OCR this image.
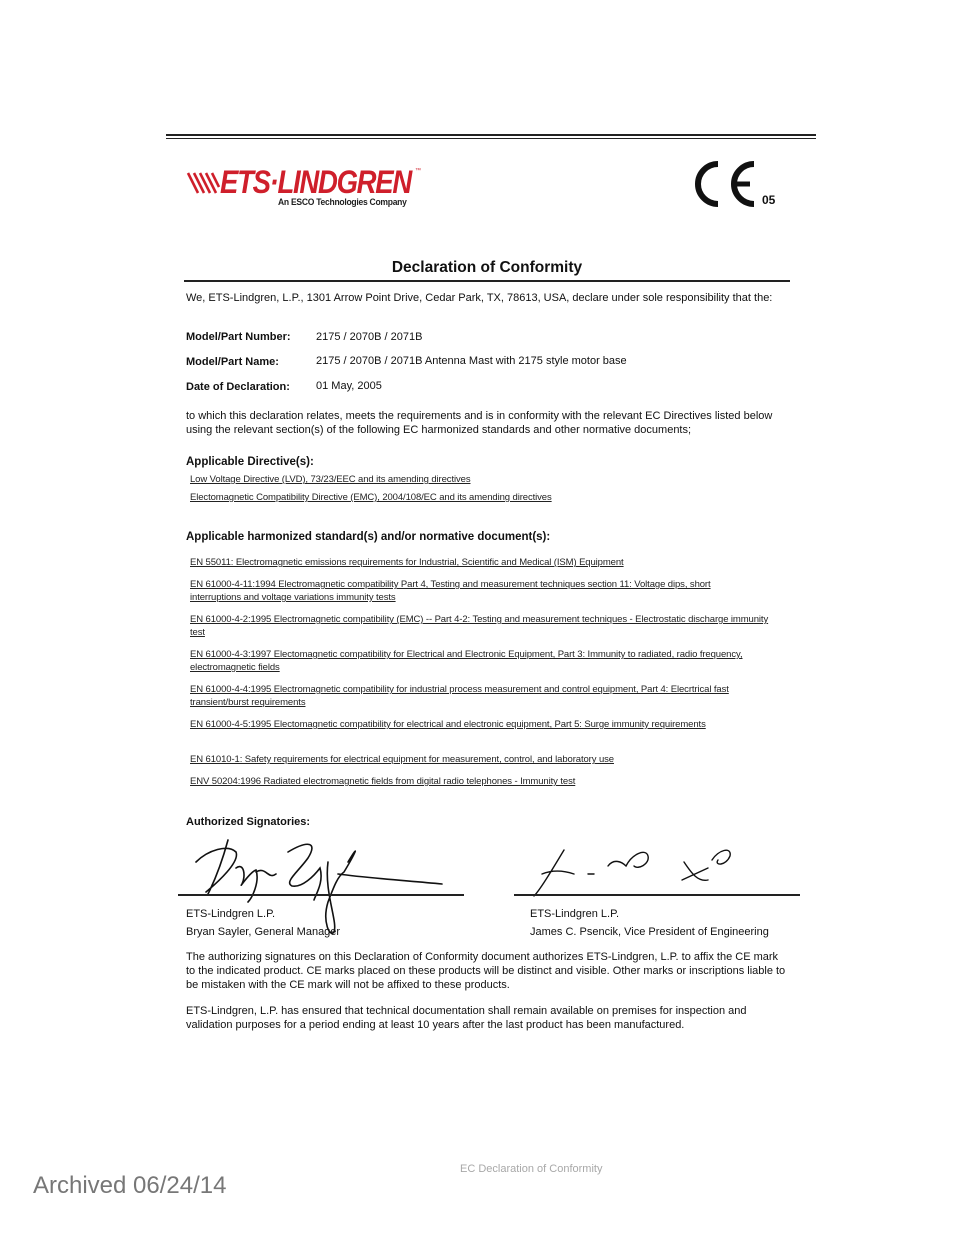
ETS·LINDGREN ™
An ESCO Technologies Company	05
Declaration of Conformity
We, ETS-Lindgren, L.P., 1301 Arrow Point Drive, Cedar Park, TX, 78613, USA, declare under sole responsibility that the:
Model/Part Number: 2175 / 2070B / 2071B
Model/Part Name:	2175 / 2070B / 2071B Antenna Mast with 2175 style motor base
Date of Declaration: 01 May, 2005
to which this declaration relates, meets the requirements and is in conformity with the relevant EC Directives listed below using the relevant section(s) of the following EC harmonized standards and other normative documents;
Applicable Directive(s):
Low Voltage Directive (LVD), 73/23/EEC and its amending directives
Electomagnetic Compatibility Directive (EMC), 2004/108/EC and its amending directives
Applicable harmonized standard(s) and/or normative document(s):
EN 55011: Electromagnetic emissions requirements for Industrial, Scientific and Medical (ISM) Equipment
EN 61000-4-11:1994 Electromagnetic compatibility Part 4, Testing and measurement techniques section 11: Voltage dips, short interruptions and voltage variations immunity tests
EN 61000-4-2:1995 Electromagnetic compatibility (EMC) -- Part 4-2: Testing and measurement techniques - Electrostatic discharge immunity test
EN 61000-4-3:1997 Electomagnetic compatibility for Electrical and Electronic Equipment, Part 3: Immunity to radiated, radio frequency, electromagnetic fields
EN 61000-4-4:1995 Electromagnetic compatibility for industrial process measurement and control equipment, Part 4: Elecrtrical fast transient/burst requirements
EN 61000-4-5:1995 Electomagnetic compatibility for electrical and electronic equipment, Part 5: Surge immunity requirements
EN 61010-1: Safety requirements for electrical equipment for measurement, control, and laboratory use
ENV 50204:1996 Radiated electromagnetic fields from digital radio telephones - Immunity test
Authorized Signatories:
ETS-Lindgren L.P.
Bryan Sayler, General Manager
ETS-Lindgren L.P.
James C. Psencik, Vice President of Engineering
The authorizing signatures on this Declaration of Conformity document authorizes ETS-Lindgren, L.P. to affix the CE mark to the indicated product. CE marks placed on these products will be distinct and visible. Other marks or inscriptions liable to be mistaken with the CE mark will not be affixed to these products.
ETS-Lindgren, L.P. has ensured that technical documentation shall remain available on premises for inspection and validation purposes for a period ending at least 10 years after the last product has been manufactured.
EC Declaration of Conformity
Archived 06/24/14
